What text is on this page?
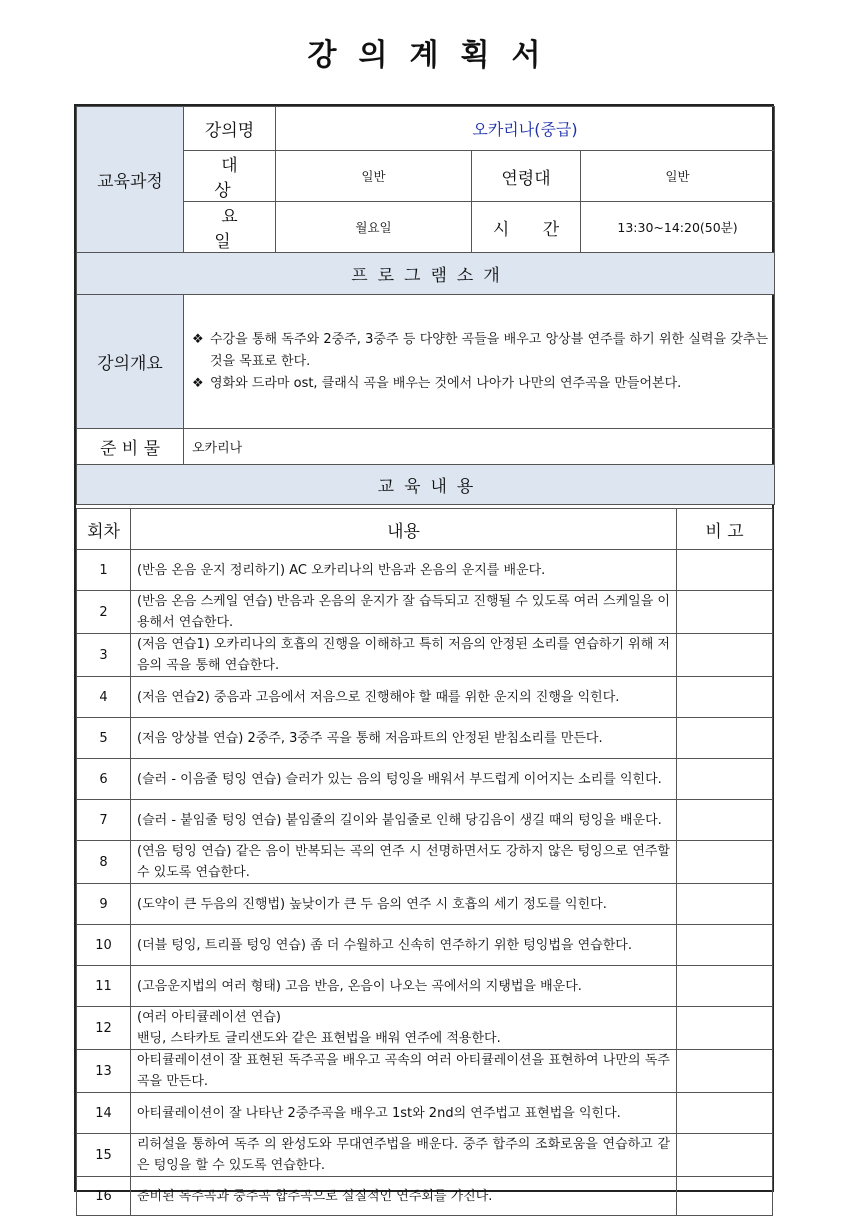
강의계획서
교육과정	강의명	오카리나(중급)		
	대 상	일반	연령대	일반
	요 일	월요일	시 간	13:30~14:20(50분)
프로그램소개				
강의개요	❖ 수강을 통해 독주와 2중주, 3중주 등 다양한 곡들을 배우고 앙상블 연주를 하기 위한 실력을 갖추는 것을 목표로 한다.
❖ 영화와 드라마 ost, 클래식 곡을 배우는 것에서 나아가 나만의 연주곡을 만들어본다.			

준 비 물	오카리나			
교육내용				
회차	내용	비 고
1	(반음 온음 운지 정리하기) AC 오카리나의 반음과 온음의 운지를 배운다.	
2	(반음 온음 스케일 연습) 반음과 온음의 운지가 잘 습득되고 진행될 수 있도록 여러 스케일을 이용해서 연습한다.	
3	(저음 연습1) 오카리나의 호흡의 진행을 이해하고 특히 저음의 안정된 소리를 연습하기 위해 저음의 곡을 통해 연습한다.	
4	(저음 연습2) 중음과 고음에서 저음으로 진행해야 할 때를 위한 운지의 진행을 익힌다.	
5	(저음 앙상블 연습) 2중주, 3중주 곡을 통해 저음파트의 안정된 받침소리를 만든다.	
6	(슬러 - 이음줄 텅잉 연습) 슬러가 있는 음의 텅잉을 배워서 부드럽게 이어지는 소리를 익힌다.	
7	(슬러 - 붙임줄 텅잉 연습) 붙임줄의 길이와 붙임줄로 인해 당김음이 생길 때의 텅잉을 배운다.	
8	(연음 텅잉 연습) 같은 음이 반복되는 곡의 연주 시 선명하면서도 강하지 않은 텅잉으로 연주할 수 있도록 연습한다.	
9	(도약이 큰 두음의 진행법) 높낮이가 큰 두 음의 연주 시 호흡의 세기 정도를 익힌다.	
10	(더블 텅잉, 트리플 텅잉 연습) 좀 더 수월하고 신속히 연주하기 위한 텅잉법을 연습한다.	
11	(고음운지법의 여러 형태) 고음 반음, 온음이 나오는 곡에서의 지탱법을 배운다.	
12	(여러 아티큘레이션 연습)
밴딩, 스타카토 글리샌도와 같은 표현법을 배워 연주에 적용한다.	
13	아티큘레이션이 잘 표현된 독주곡을 배우고 곡속의 여러 아티큘레이션을 표현하여 나만의 독주곡을 만든다.	
14	아티큘레이션이 잘 나타난 2중주곡을 배우고 1st와 2nd의 연주법고 표현법을 익힌다.	
15	리허설을 통하여 독주 의 완성도와 무대연주법을 배운다. 중주 합주의 조화로움을 연습하고 같은 텅잉을 할 수 있도록 연습한다.	
16	준비된 독주곡과 중주곡 합주곡으로 실질적인 연주회를 가진다.	
